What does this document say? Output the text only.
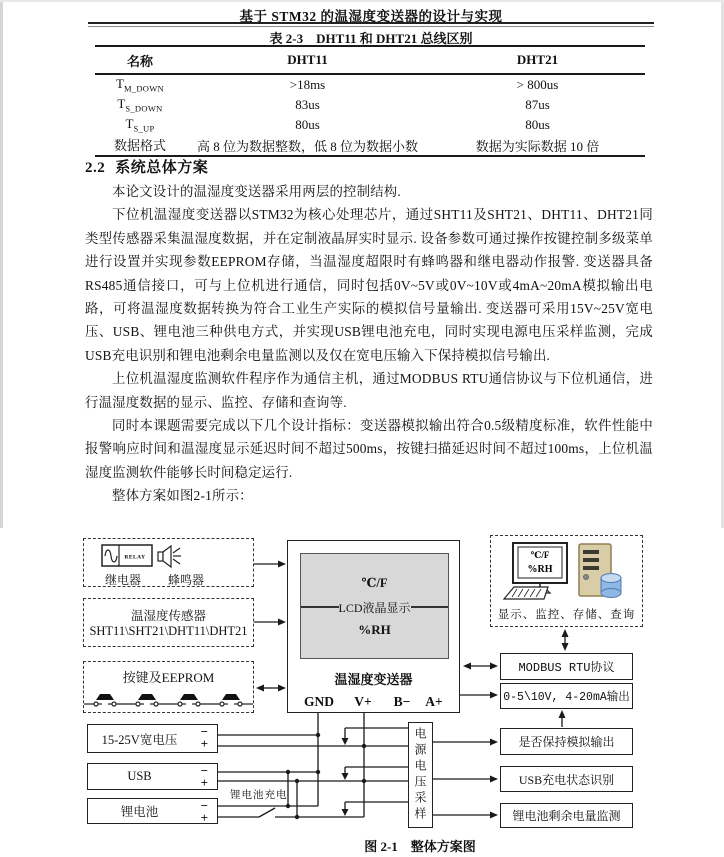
基于 STM32 的温湿度变送器的设计与实现
表 2-3　DHT11 和 DHT21 总线区别
名称	DHT11	DHT21
$T_{M\_DOWN}$	>18ms	> 800us
$T_{S\_DOWN}$	83us	87us
$T_{S\_UP}$	80us	80us
数据格式	高 8 位为数据整数，低 8 位为数据小数	数据为实际数据 10 倍
2.2 系统总体方案

本论文设计的温湿度变送器采用两层的控制结构.

下位机温湿度变送器以STM32为核心处理芯片，通过SHT11及SHT21、DHT11、DHT21同类型传感器采集温湿度数据，并在定制液晶屏实时显示. 设备参数可通过操作按键控制多级菜单进行设置并实现参数EEPROM存储，当温湿度超限时有蜂鸣器和继电器动作报警. 变送器具备RS485通信接口，可与上位机进行通信，同时包括0V~5V或0V~10V或4mA~20mA模拟输出电路，可将温湿度数据转换为符合工业生产实际的模拟信号量输出. 变送器可采用15V~25V宽电压、USB、锂电池三种供电方式，并实现USB锂电池充电，同时实现电源电压采样监测，完成USB充电识别和锂电池剩余电量监测以及仅在宽电压输入下保持模拟信号输出.

上位机温湿度监测软件程序作为通信主机，通过MODBUS RTU通信协议与下位机通信，进行温湿度数据的显示、监控、存储和查询等.

同时本课题需要完成以下几个设计指标：变送器模拟输出符合0.5级精度标准，软件性能中报警响应时间和温湿度显示延迟时间不超过500ms，按键扫描延迟时间不超过100ms，上位机温湿度监测软件能够长时间稳定运行.

整体方案如图2-1所示：

RELAY
继电器	蜂鸣器
温湿度传感器
SHT11\SHT21\DHT11\DHT21
按键及EEPROM
℃/F
LCD液晶显示
%RH
温湿度变送器
GND	V+	B−	A+
℃/F
%RH
显示、监控、存储、查询
MODBUS RTU协议
0-5\10V, 4-20mA输出
是否保持模拟输出
USB充电状态识别
锂电池剩余电量监测
15-25V宽电压
−
+
USB	−
+
锂电池	−
+	电源电压采样
锂电池充电
图 2-1　整体方案图
